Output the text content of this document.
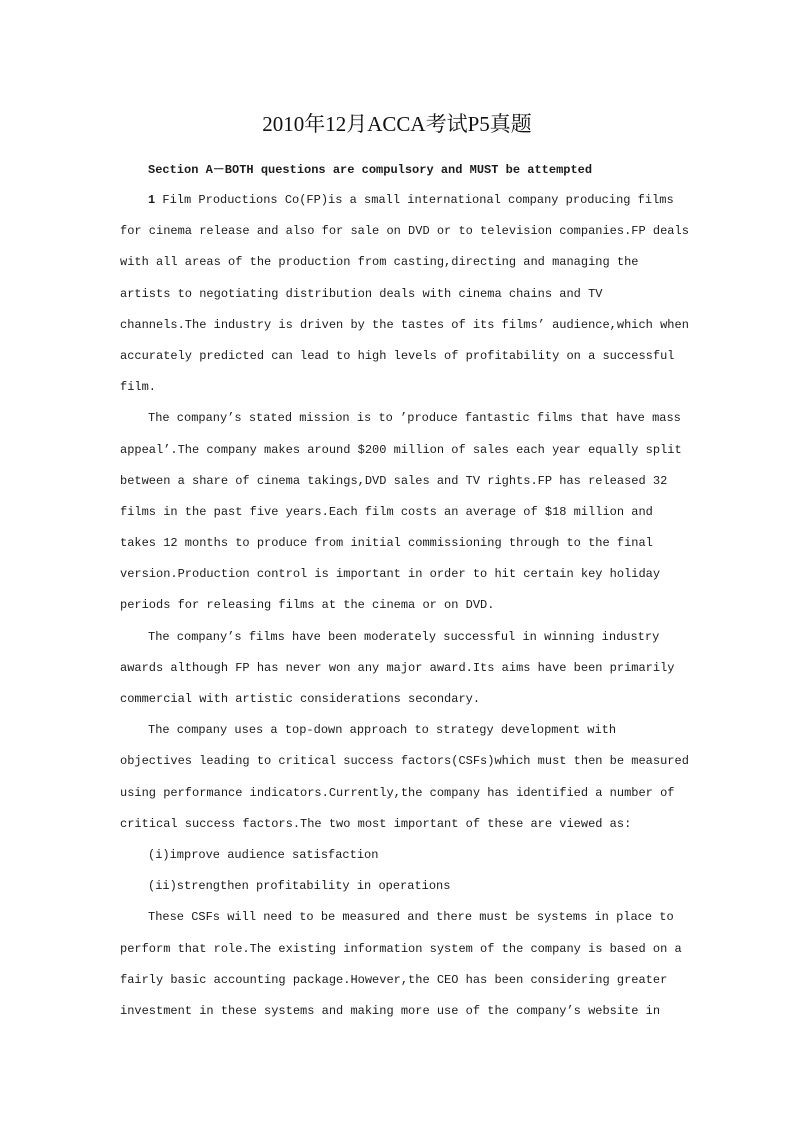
2010年12月ACCA考试P5真题

Section A－BOTH questions are compulsory and MUST be attempted

1 Film Productions Co(FP)is a small international company producing films
for cinema release and also for sale on DVD or to television companies.FP deals
with all areas of the production from casting,directing and managing the
artists to negotiating distribution deals with cinema chains and TV
channels.The industry is driven by the tastes of its films’ audience,which when
accurately predicted can lead to high levels of profitability on a successful
film.
The company’s stated mission is to ’produce fantastic films that have mass
appeal’.The company makes around $200 million of sales each year equally split
between a share of cinema takings,DVD sales and TV rights.FP has released 32
films in the past five years.Each film costs an average of $18 million and
takes 12 months to produce from initial commissioning through to the final
version.Production control is important in order to hit certain key holiday
periods for releasing films at the cinema or on DVD.
The company’s films have been moderately successful in winning industry
awards although FP has never won any major award.Its aims have been primarily
commercial with artistic considerations secondary.
The company uses a top-down approach to strategy development with
objectives leading to critical success factors(CSFs)which must then be measured
using performance indicators.Currently,the company has identified a number of
critical success factors.The two most important of these are viewed as:
(i)improve audience satisfaction
(ii)strengthen profitability in operations
These CSFs will need to be measured and there must be systems in place to
perform that role.The existing information system of the company is based on a
fairly basic accounting package.However,the CEO has been considering greater
investment in these systems and making more use of the company’s website in
